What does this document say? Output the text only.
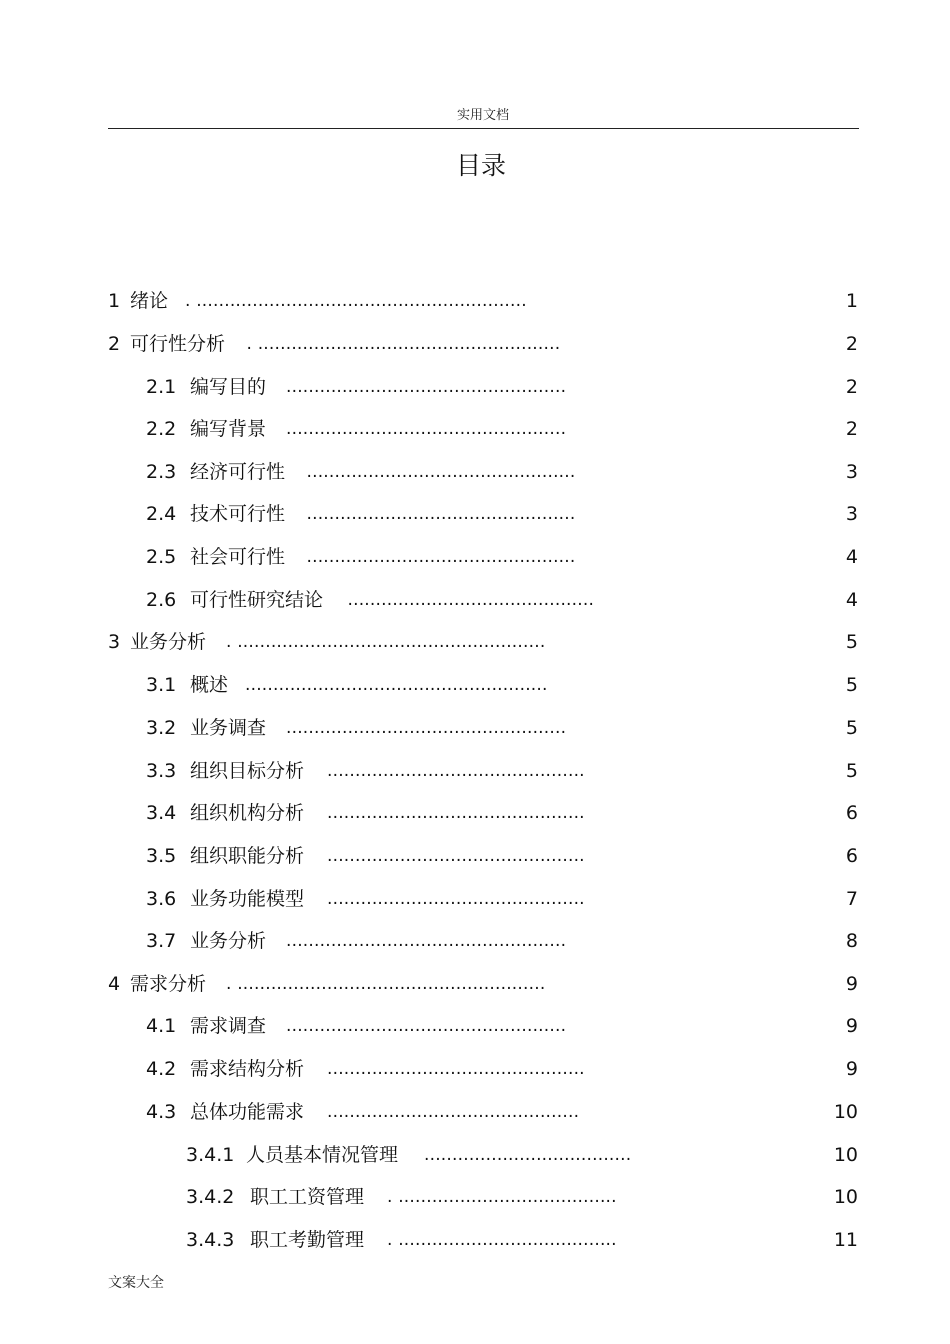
实用文档
目录
1 绪论 . ...........................................................	1
2 可行性分析 . ......................................................	2
2.1 编写目的 ..................................................	2
2.2 编写背景 ..................................................	2
2.3 经济可行性 ................................................	3
2.4 技术可行性 ................................................	3
2.5 社会可行性 ................................................	4
2.6 可行性研究结论 ............................................	4
3 业务分析 . .......................................................	5
3.1 概述 ......................................................	5
3.2 业务调查 ..................................................	5
3.3 组织目标分析 ..............................................	5
3.4 组织机构分析 ..............................................	6
3.5 组织职能分析 ..............................................	6
3.6 业务功能模型 ..............................................	7
3.7 业务分析 ..................................................	8
4 需求分析 . .......................................................	9
4.1 需求调查 ..................................................	9
4.2 需求结构分析 ..............................................	9
4.3 总体功能需求 .............................................	10
3.4.1 人员基本情况管理 .....................................	10
3.4.2 职工工资管理 . .......................................	10
3.4.3 职工考勤管理 . .......................................	11
文案大全
